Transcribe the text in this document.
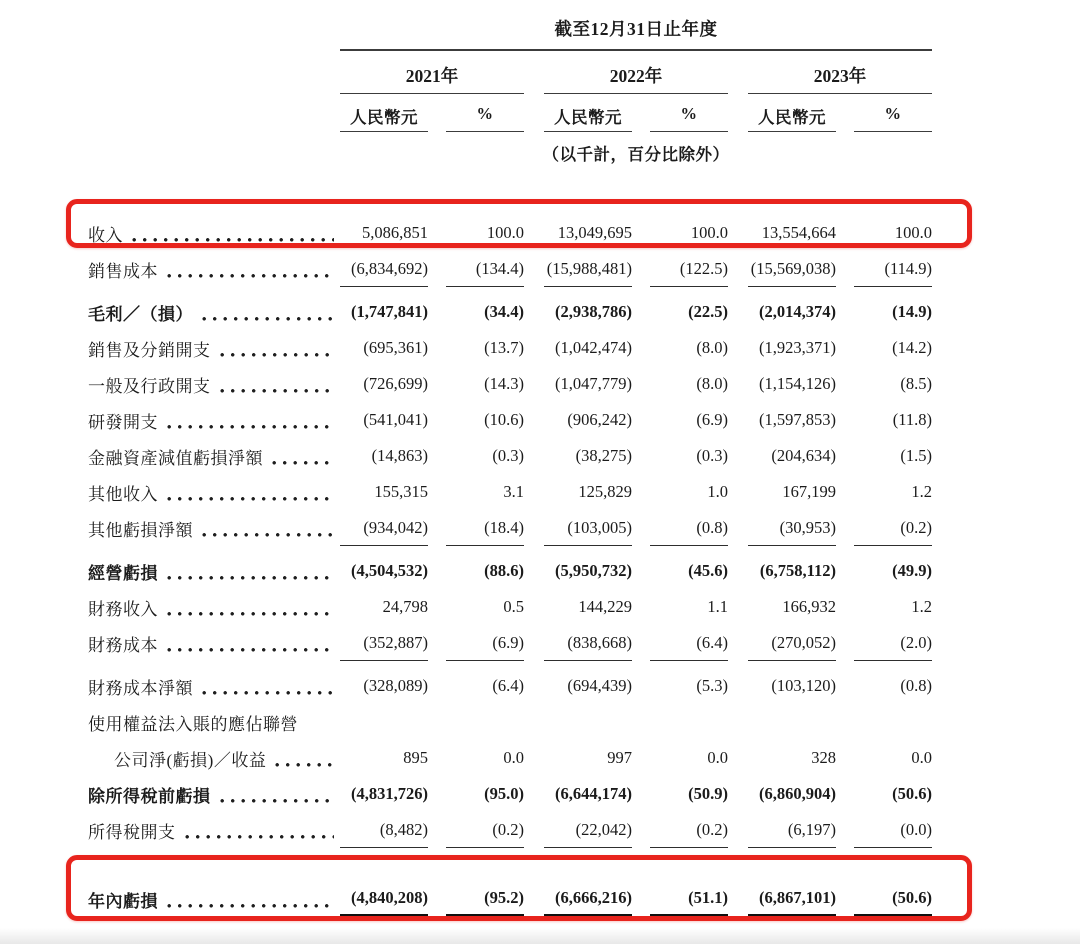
截至12月31日止年度
2021年	2022年	2023年
人民幣元	%	人民幣元	%	人民幣元	%
（以千計，百分比除外）
收入	5,086,851	100.0 13,049,695	100.0 13,554,664	100.0
銷售成本	(6,834,692)	(134.4) (15,988,481)	(122.5) (15,569,038)	(114.9)
毛利／（損）	(1,747,841)	(34.4) (2,938,786)	(22.5) (2,014,374)	(14.9)
銷售及分銷開支	(695,361)	(13.7) (1,042,474)	(8.0) (1,923,371)	(14.2)
一般及行政開支	(726,699)	(14.3) (1,047,779)	(8.0) (1,154,126)	(8.5)
研發開支	(541,041)	(10.6)	(906,242)	(6.9) (1,597,853)	(11.8)
金融資產減值虧損淨額	(14,863)	(0.3)	(38,275)	(0.3)	(204,634)	(1.5)
其他收入	155,315	3.1	125,829	1.0	167,199	1.2
其他虧損淨額	(934,042)	(18.4)	(103,005)	(0.8)	(30,953)	(0.2)
經營虧損	(4,504,532)	(88.6) (5,950,732)	(45.6) (6,758,112)	(49.9)
財務收入	24,798	0.5	144,229	1.1	166,932	1.2
財務成本	(352,887)	(6.9)	(838,668)	(6.4)	(270,052)	(2.0)
財務成本淨額	(328,089)	(6.4)	(694,439)	(5.3)	(103,120)	(0.8)
使用權益法入賬的應佔聯營
公司淨(虧損)／收益	895	0.0	997	0.0	328	0.0
除所得稅前虧損	(4,831,726)	(95.0) (6,644,174)	(50.9) (6,860,904)	(50.6)
所得稅開支	(8,482)	(0.2)	(22,042)	(0.2)	(6,197)	(0.0)
年內虧損	(4,840,208)	(95.2) (6,666,216)	(51.1) (6,867,101)	(50.6)
